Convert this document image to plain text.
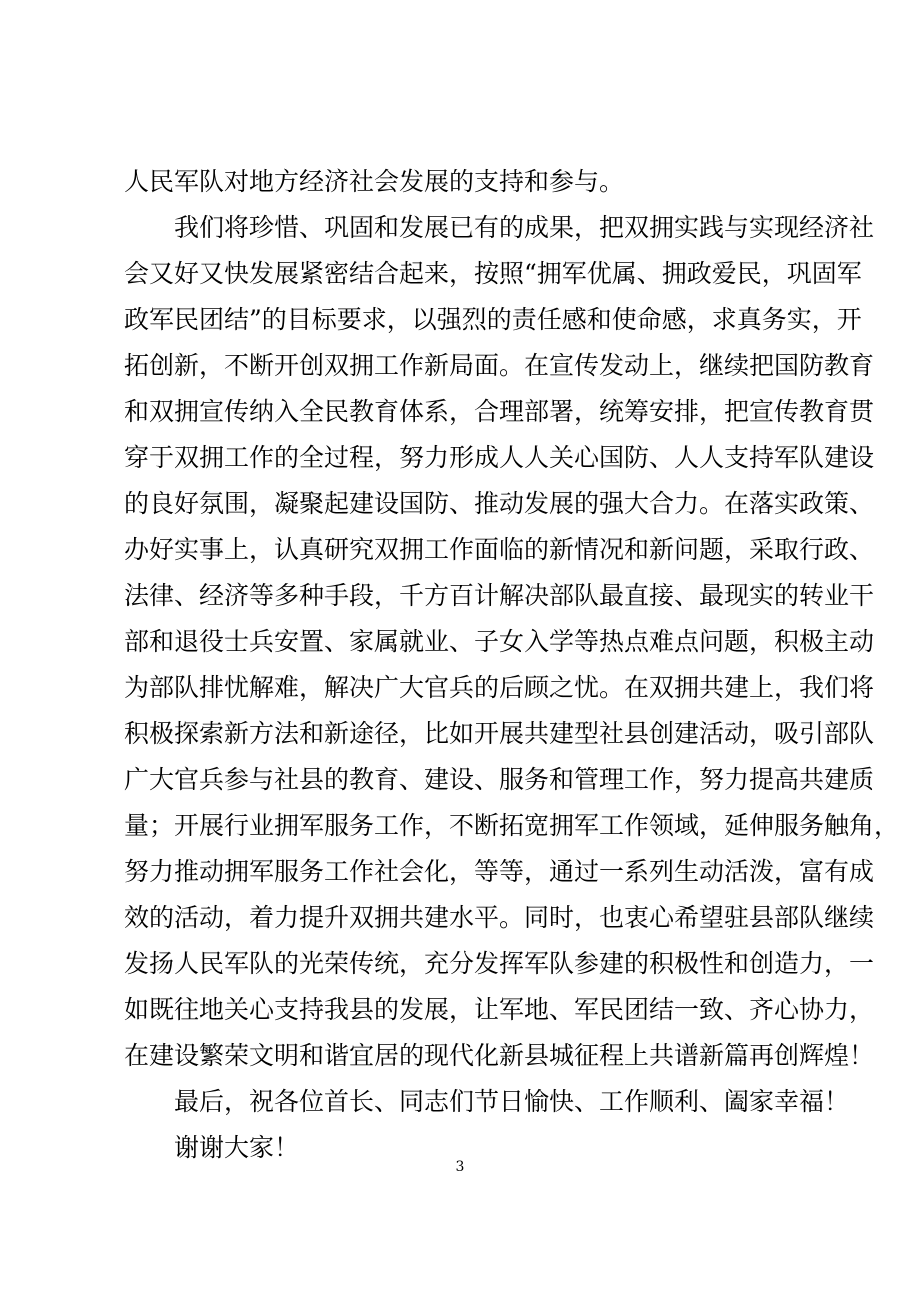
人民军队对地方经济社会发展的支持和参与。
我们将珍惜、巩固和发展已有的成果，把双拥实践与实现经济社
会又好又快发展紧密结合起来，按照“拥军优属、拥政爱民，巩固军
政军民团结”的目标要求，以强烈的责任感和使命感，求真务实，开
拓创新，不断开创双拥工作新局面。在宣传发动上，继续把国防教育
和双拥宣传纳入全民教育体系，合理部署，统筹安排，把宣传教育贯
穿于双拥工作的全过程，努力形成人人关心国防、人人支持军队建设
的良好氛围，凝聚起建设国防、推动发展的强大合力。在落实政策、
办好实事上，认真研究双拥工作面临的新情况和新问题，采取行政、
法律、经济等多种手段，千方百计解决部队最直接、最现实的转业干
部和退役士兵安置、家属就业、子女入学等热点难点问题，积极主动
为部队排忧解难，解决广大官兵的后顾之忧。在双拥共建上，我们将
积极探索新方法和新途径，比如开展共建型社县创建活动，吸引部队
广大官兵参与社县的教育、建设、服务和管理工作，努力提高共建质
量；开展行业拥军服务工作，不断拓宽拥军工作领域，延伸服务触角，
努力推动拥军服务工作社会化，等等，通过一系列生动活泼，富有成
效的活动，着力提升双拥共建水平。同时，也衷心希望驻县部队继续
发扬人民军队的光荣传统，充分发挥军队参建的积极性和创造力，一
如既往地关心支持我县的发展，让军地、军民团结一致、齐心协力，
在建设繁荣文明和谐宜居的现代化新县城征程上共谱新篇再创辉煌！
最后，祝各位首长、同志们节日愉快、工作顺利、阖家幸福！
谢谢大家！
3
